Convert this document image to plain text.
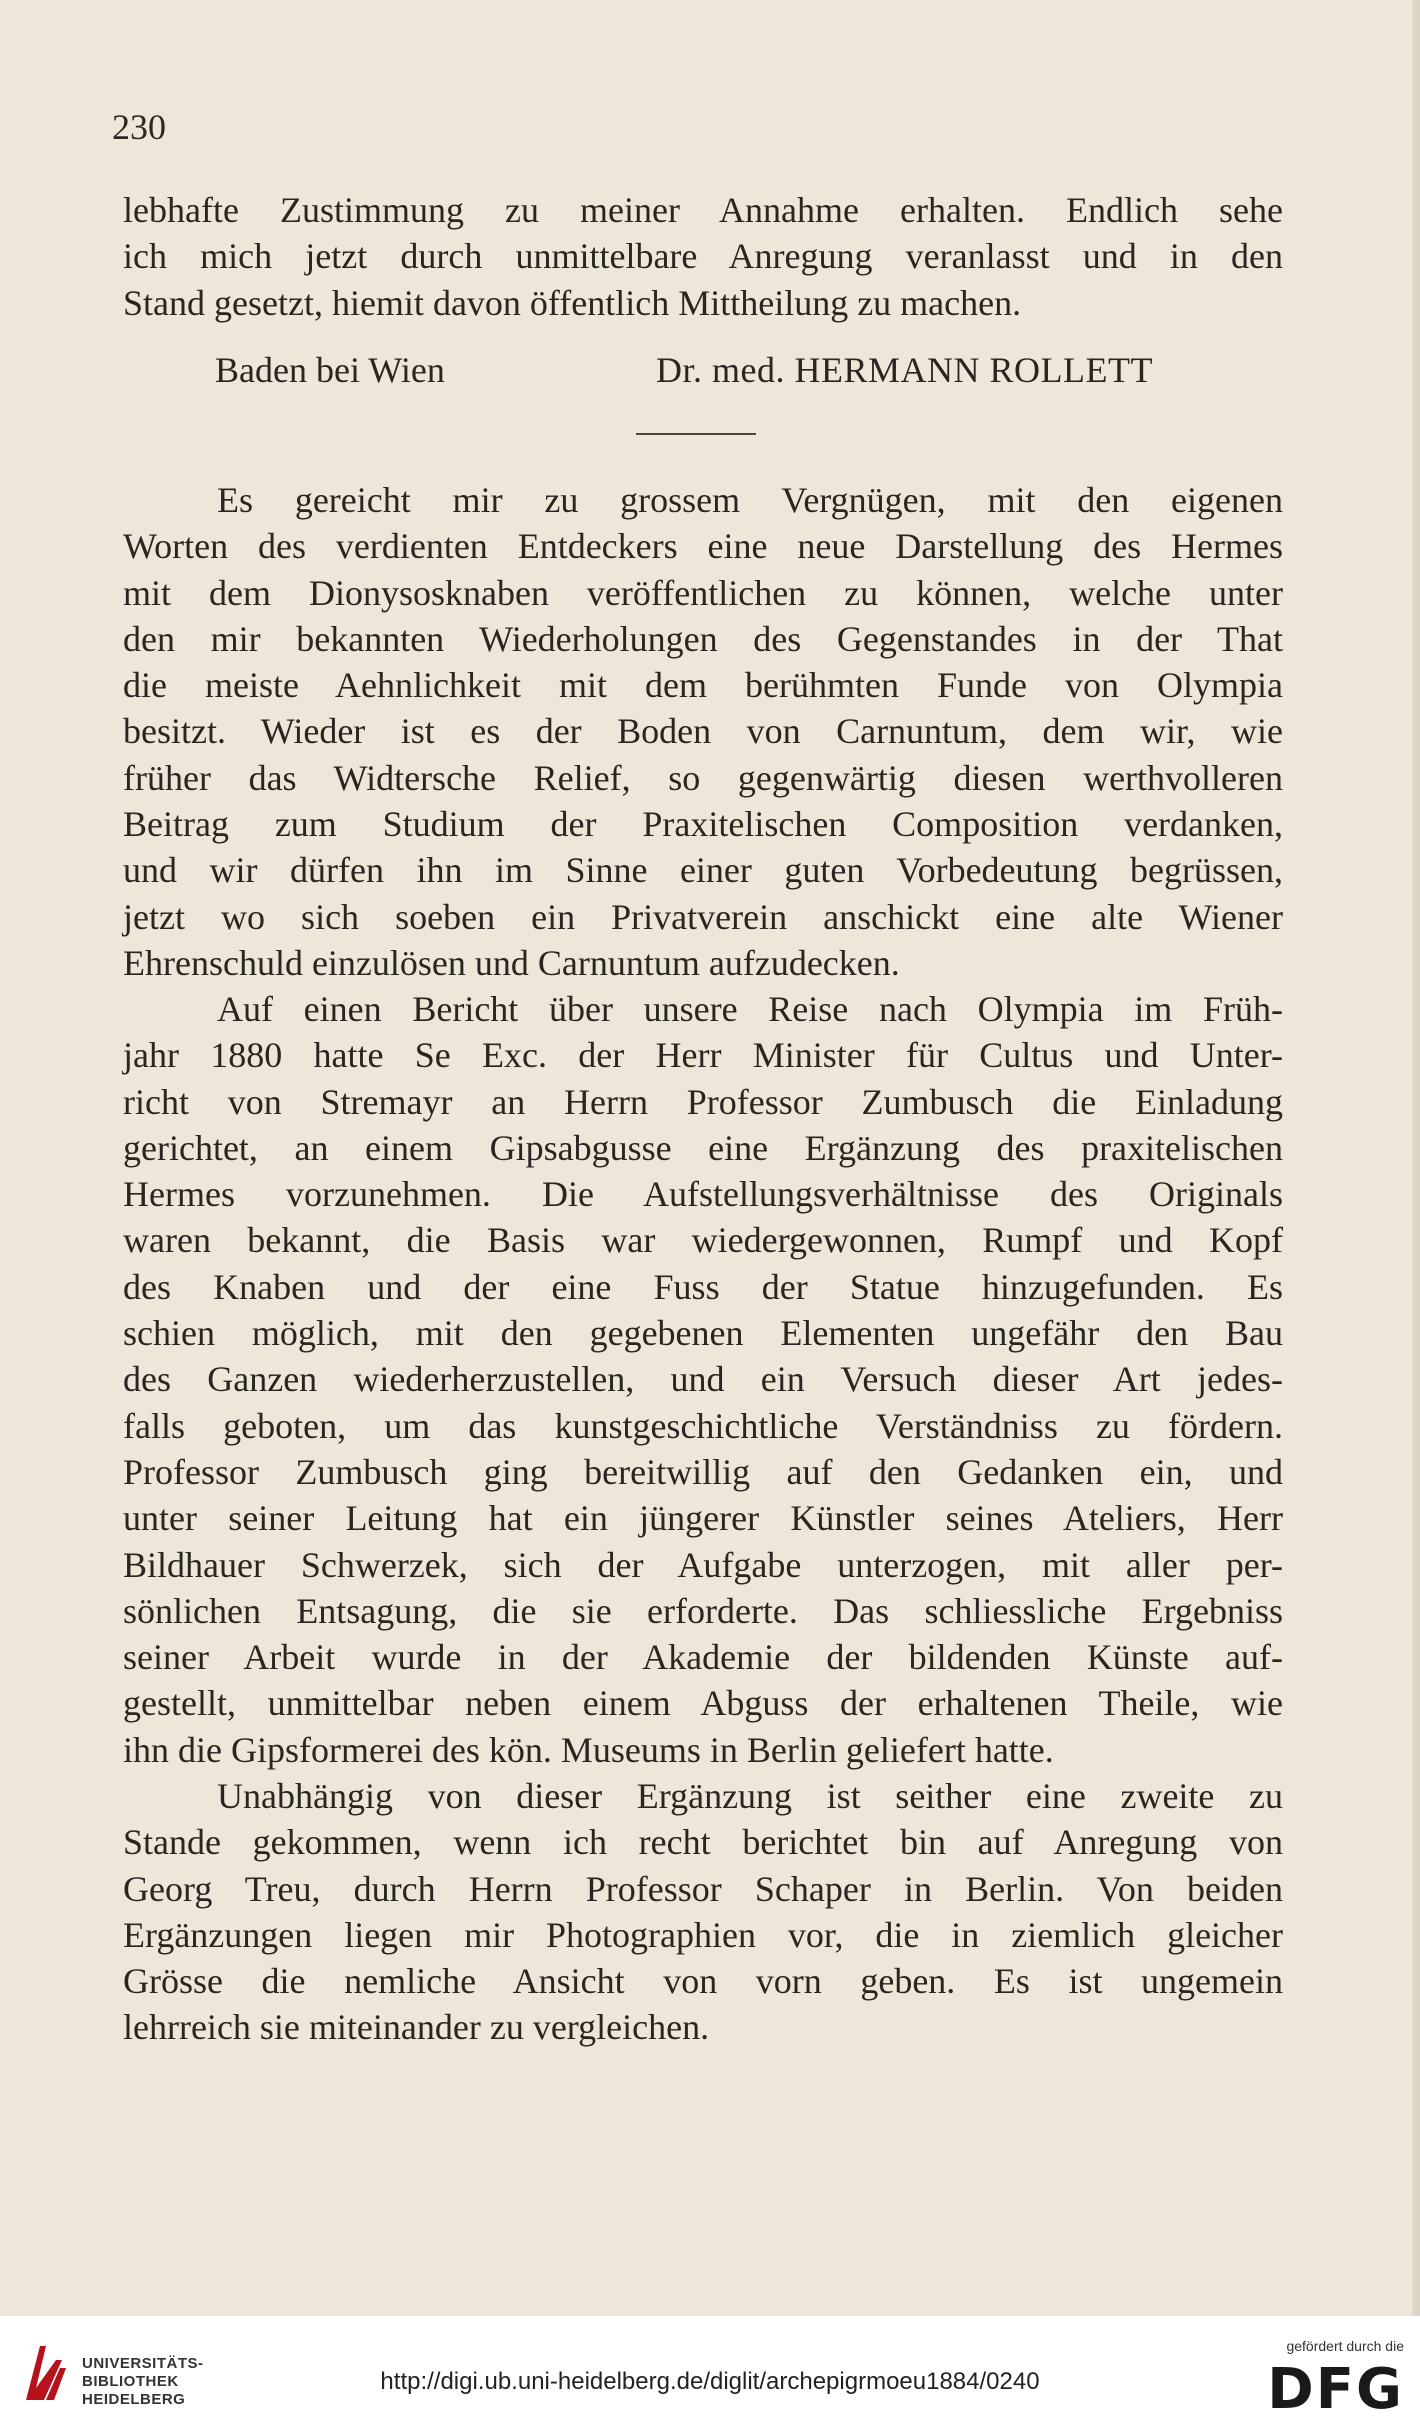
230
lebhafte Zustimmung zu meiner Annahme erhalten. Endlich sehe
ich mich jetzt durch unmittelbare Anregung veranlasst und in den
Stand gesetzt, hiemit davon öffentlich Mittheilung zu machen.
Baden bei Wien	Dr. med. HERMANN ROLLETT
Es gereicht mir zu grossem Vergnügen, mit den eigenen
Worten des verdienten Entdeckers eine neue Darstellung des Hermes
mit dem Dionysosknaben veröffentlichen zu können, welche unter
den mir bekannten Wiederholungen des Gegenstandes in der That
die meiste Aehnlichkeit mit dem berühmten Funde von Olympia
besitzt. Wieder ist es der Boden von Carnuntum, dem wir, wie
früher das Widtersche Relief, so gegenwärtig diesen werthvolleren
Beitrag zum Studium der Praxitelischen Composition verdanken,
und wir dürfen ihn im Sinne einer guten Vorbedeutung begrüssen,
jetzt wo sich soeben ein Privatverein anschickt eine alte Wiener
Ehrenschuld einzulösen und Carnuntum aufzudecken.
Auf einen Bericht über unsere Reise nach Olympia im Früh-
jahr 1880 hatte Se Exc. der Herr Minister für Cultus und Unter-
richt von Stremayr an Herrn Professor Zumbusch die Einladung
gerichtet, an einem Gipsabgusse eine Ergänzung des praxitelischen
Hermes vorzunehmen. Die Aufstellungsverhältnisse des Originals
waren bekannt, die Basis war wiedergewonnen, Rumpf und Kopf
des Knaben und der eine Fuss der Statue hinzugefunden. Es
schien möglich, mit den gegebenen Elementen ungefähr den Bau
des Ganzen wiederherzustellen, und ein Versuch dieser Art jedes-
falls geboten, um das kunstgeschichtliche Verständniss zu fördern.
Professor Zumbusch ging bereitwillig auf den Gedanken ein, und
unter seiner Leitung hat ein jüngerer Künstler seines Ateliers, Herr
Bildhauer Schwerzek, sich der Aufgabe unterzogen, mit aller per-
sönlichen Entsagung, die sie erforderte. Das schliessliche Ergebniss
seiner Arbeit wurde in der Akademie der bildenden Künste auf-
gestellt, unmittelbar neben einem Abguss der erhaltenen Theile, wie
ihn die Gipsformerei des kön. Museums in Berlin geliefert hatte.
Unabhängig von dieser Ergänzung ist seither eine zweite zu
Stande gekommen, wenn ich recht berichtet bin auf Anregung von
Georg Treu, durch Herrn Professor Schaper in Berlin. Von beiden
Ergänzungen liegen mir Photographien vor, die in ziemlich gleicher
Grösse die nemliche Ansicht von vorn geben. Es ist ungemein
lehrreich sie miteinander zu vergleichen.
UNIVERSITÄTS-
BIBLIOTHEK
HEIDELBERG
http://digi.ub.uni-heidelberg.de/diglit/archepigrmoeu1884/0240
gefördert durch die
DFG
